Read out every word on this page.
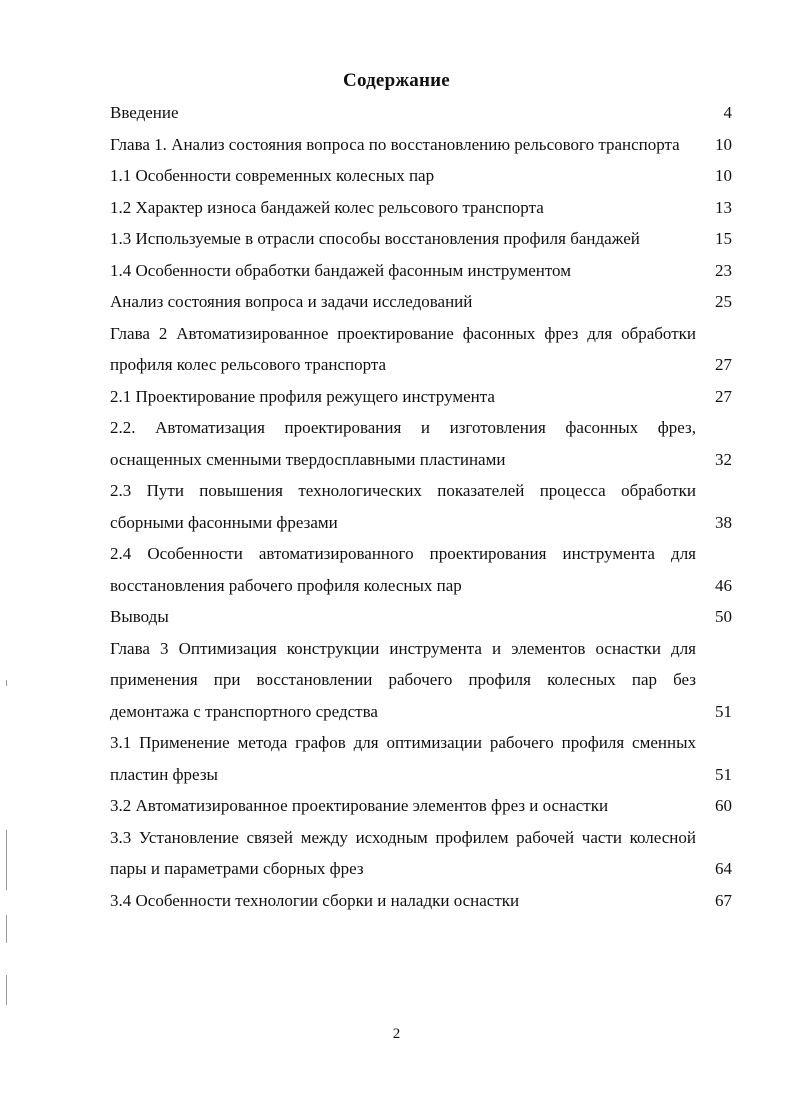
Содержание
Введение	4
Глава 1. Анализ состояния вопроса по восстановлению рельсового транспорта	10
1.1 Особенности современных колесных пар	10
1.2 Характер износа бандажей колес рельсового транспорта	13
1.3 Используемые в отрасли способы восстановления профиля бандажей	15
1.4 Особенности обработки бандажей фасонным инструментом	23
Анализ состояния вопроса и задачи исследований	25
Глава 2 Автоматизированное проектирование фасонных фрез для обработки профиля колес рельсового транспорта	27
2.1 Проектирование профиля режущего инструмента	27
2.2. Автоматизация проектирования и изготовления фасонных фрез, оснащенных сменными твердосплавными пластинами	32
2.3 Пути повышения технологических показателей процесса обработки сборными фасонными фрезами	38
2.4 Особенности автоматизированного проектирования инструмента для восстановления рабочего профиля колесных пар	46
Выводы	50
Глава 3 Оптимизация конструкции инструмента и элементов оснастки для применения при восстановлении рабочего профиля колесных пар без демонтажа с транспортного средства	51
3.1 Применение метода графов для оптимизации рабочего профиля сменных пластин фрезы	51
3.2 Автоматизированное проектирование элементов фрез и оснастки	60
3.3 Установление связей между исходным профилем рабочей части колесной пары и параметрами сборных фрез	64
3.4 Особенности технологии сборки и наладки оснастки	67
2
